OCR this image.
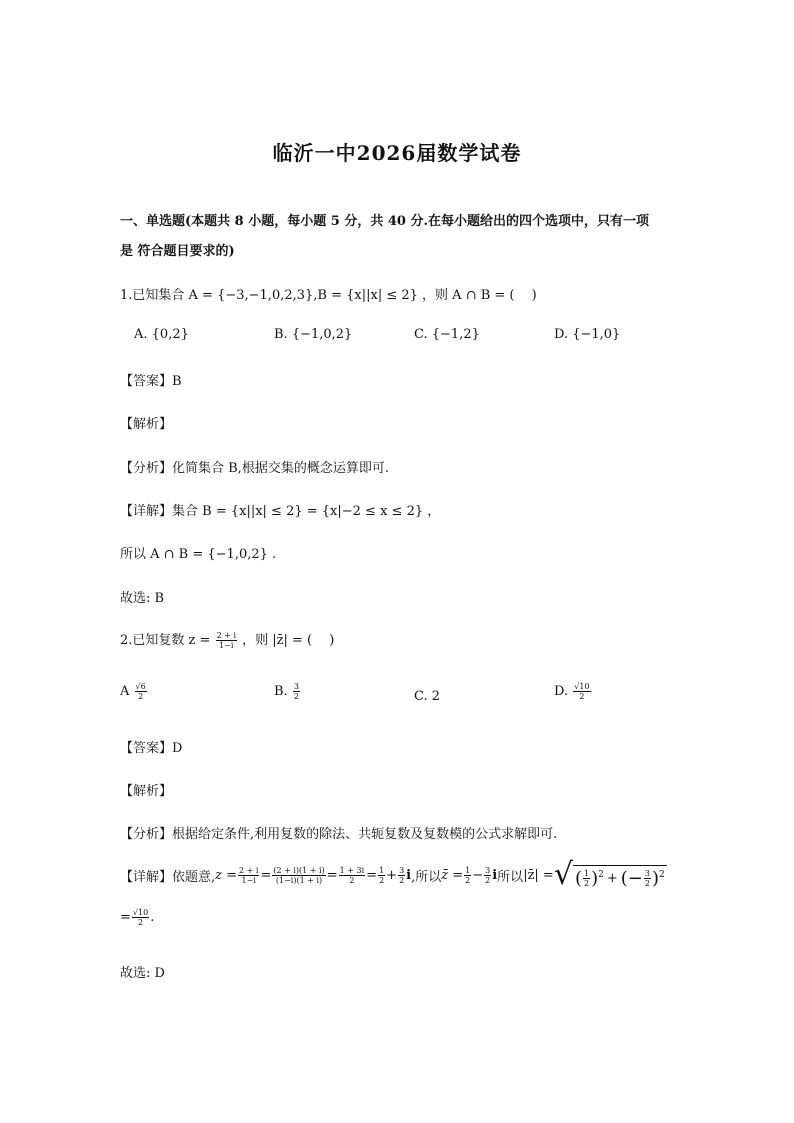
临沂一中2026届数学试卷
一、单选题(本题共 8 小题，每小题 5 分，共 40 分.在每小题给出的四个选项中，只有一项
是 符合题目要求的)
1.已知集合 A = {−3,−1,0,2,3},B = {x||x| ≤ 2} ，则 A ∩ B = (　 )
A. {0,2}	B. {−1,0,2}	C. {−1,2}	D. {−1,0}
【答案】B
【解析】
【分析】化简集合 B,根据交集的概念运算即可.
【详解】集合 B = {x||x| ≤ 2} = {x|−2 ≤ x ≤ 2} ，
所以 A ∩ B = {−1,0,2} .
故选: B
2.已知复数 $z = \frac{2 + i}{1-i}$ ，则 |z̄| = (　 )
A $\frac{√6}{2}$	B. $\frac{3}{2}$	C. 2	D. $\frac{√10}{2}$
【答案】D
【解析】
【分析】根据给定条件,利用复数的除法、共轭复数及复数模的公式求解即可.
【详解】依题意, $z = \frac{2 + i}{1-i} = \frac{(2 + i)(1 + i)}{(1-i)(1 + i)} = \frac{1 + 3i}{2} = \frac{1}{2} + \frac{3}{2}$ i ,所以 z̄ = $\frac{1}{2} - \frac{3}{2}$ i 所以 |z̄| = √ ( $\frac{1}{2}$ ) 2 + (− $\frac{3}{2}$ ) 2
= $\frac{√10}{2}$ .
故选: D
